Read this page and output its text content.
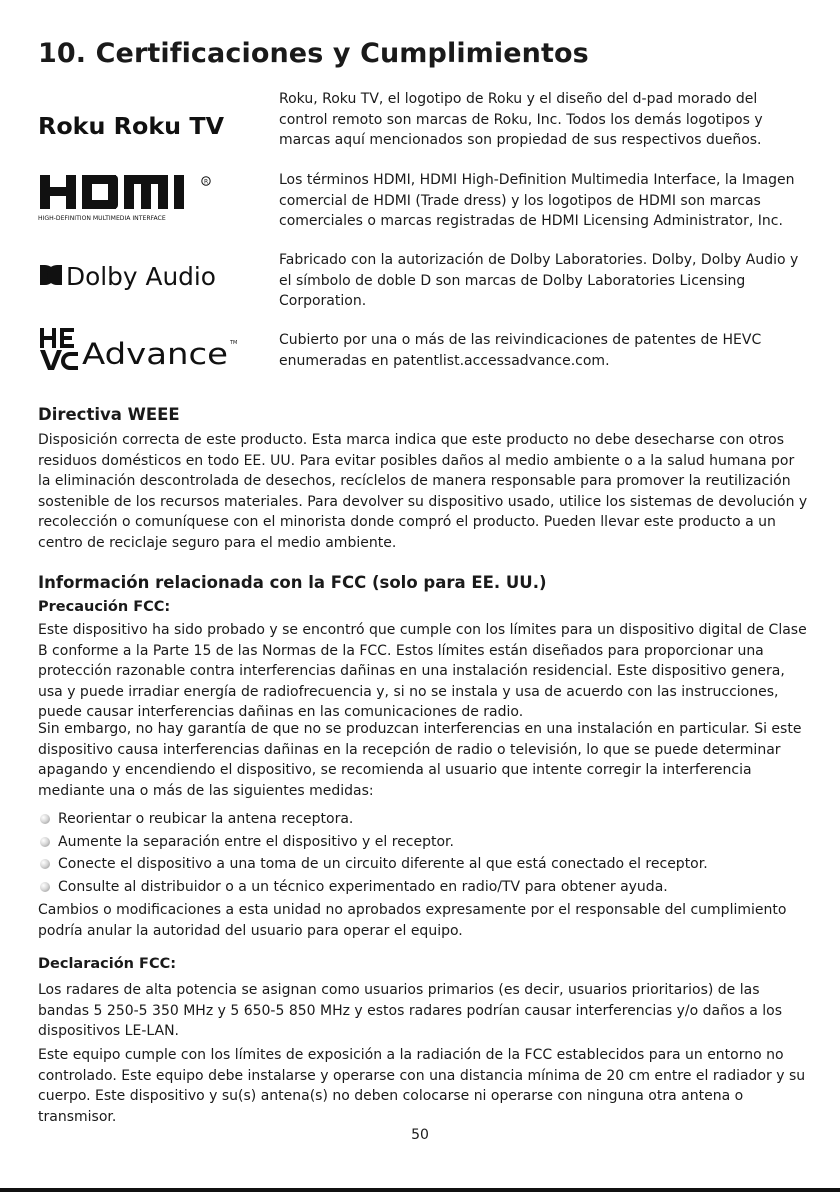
10. Certificaciones y Cumplimientos
Roku Roku TV
R
HIGH-DEFINITION MULTIMEDIA INTERFACE
Dolby Audio
Advance TM

Roku, Roku TV, el logotipo de Roku y el diseño del d-pad morado del control remoto son marcas de Roku, Inc. Todos los demás logotipos y marcas aquí mencionados son propiedad de sus respectivos dueños.

Los términos HDMI, HDMI High-Definition Multimedia Interface, la Imagen comercial de HDMI (Trade dress) y los logotipos de HDMI son marcas comerciales o marcas registradas de HDMI Licensing Administrator, Inc.

Fabricado con la autorización de Dolby Laboratories. Dolby, Dolby Audio y el símbolo de doble D son marcas de Dolby Laboratories Licensing Corporation.

Cubierto por una o más de las reivindicaciones de patentes de HEVC enumeradas en patentlist.accessadvance.com.

Directiva WEEE

Disposición correcta de este producto. Esta marca indica que este producto no debe desecharse con otros residuos domésticos en todo EE. UU. Para evitar posibles daños al medio ambiente o a la salud humana por la eliminación descontrolada de desechos, recíclelos de manera responsable para promover la reutilización sostenible de los recursos materiales. Para devolver su dispositivo usado, utilice los sistemas de devolución y recolección o comuníquese con el minorista donde compró el producto. Pueden llevar este producto a un centro de reciclaje seguro para el medio ambiente.

Información relacionada con la FCC (solo para EE. UU.)
Precaución FCC:

Este dispositivo ha sido probado y se encontró que cumple con los límites para un dispositivo digital de Clase B conforme a la Parte 15 de las Normas de la FCC. Estos límites están diseñados para proporcionar una protección razonable contra interferencias dañinas en una instalación residencial. Este dispositivo genera, usa y puede irradiar energía de radiofrecuencia y, si no se instala y usa de acuerdo con las instrucciones, puede causar interferencias dañinas en las comunicaciones de radio.

Sin embargo, no hay garantía de que no se produzcan interferencias en una instalación en particular. Si este dispositivo causa interferencias dañinas en la recepción de radio o televisión, lo que se puede determinar apagando y encendiendo el dispositivo, se recomienda al usuario que intente corregir la interferencia mediante una o más de las siguientes medidas:

Reorientar o reubicar la antena receptora.
Aumente la separación entre el dispositivo y el receptor.
Conecte el dispositivo a una toma de un circuito diferente al que está conectado el receptor.
Consulte al distribuidor o a un técnico experimentado en radio/TV para obtener ayuda.

Cambios o modificaciones a esta unidad no aprobados expresamente por el responsable del cumplimiento podría anular la autoridad del usuario para operar el equipo.

Declaración FCC:

Los radares de alta potencia se asignan como usuarios primarios (es decir, usuarios prioritarios) de las bandas 5 250-5 350 MHz y 5 650-5 850 MHz y estos radares podrían causar interferencias y/o daños a los dispositivos LE-LAN.

Este equipo cumple con los límites de exposición a la radiación de la FCC establecidos para un entorno no controlado. Este equipo debe instalarse y operarse con una distancia mínima de 20 cm entre el radiador y su cuerpo. Este dispositivo y su(s) antena(s) no deben colocarse ni operarse con ninguna otra antena o transmisor.

50
